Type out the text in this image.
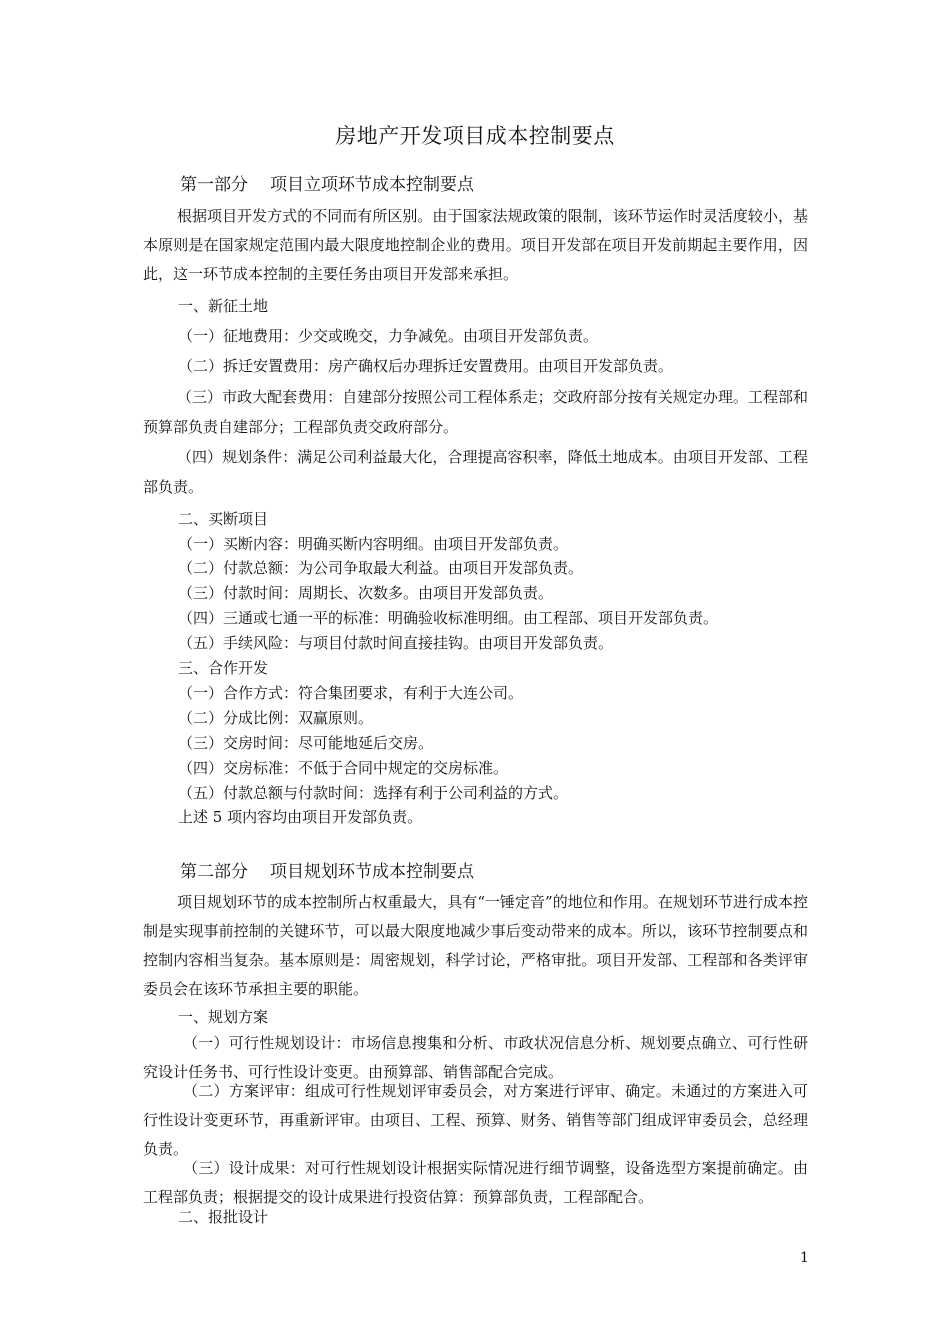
房地产开发项目成本控制要点
第一部分 项目立项环节成本控制要点
根据项目开发方式的不同而有所区别。由于国家法规政策的限制，该环节运作时灵活度较小，基本原则是在国家规定范围内最大限度地控制企业的费用。项目开发部在项目开发前期起主要作用，因此，这一环节成本控制的主要任务由项目开发部来承担。
一、新征土地
（一）征地费用：少交或晚交，力争减免。由项目开发部负责。
（二）拆迁安置费用：房产确权后办理拆迁安置费用。由项目开发部负责。
（三）市政大配套费用：自建部分按照公司工程体系走；交政府部分按有关规定办理。工程部和预算部负责自建部分；工程部负责交政府部分。
（四）规划条件：满足公司利益最大化，合理提高容积率，降低土地成本。由项目开发部、工程部负责。
二、买断项目
（一）买断内容：明确买断内容明细。由项目开发部负责。
（二）付款总额：为公司争取最大利益。由项目开发部负责。
（三）付款时间：周期长、次数多。由项目开发部负责。
（四）三通或七通一平的标准：明确验收标准明细。由工程部、项目开发部负责。
（五）手续风险：与项目付款时间直接挂钩。由项目开发部负责。
三、合作开发
（一）合作方式：符合集团要求，有利于大连公司。
（二）分成比例：双赢原则。
（三）交房时间：尽可能地延后交房。
（四）交房标准：不低于合同中规定的交房标准。
（五）付款总额与付款时间：选择有利于公司利益的方式。
上述 5 项内容均由项目开发部负责。
第二部分 项目规划环节成本控制要点
项目规划环节的成本控制所占权重最大，具有“一锤定音”的地位和作用。在规划环节进行成本控制是实现事前控制的关键环节，可以最大限度地减少事后变动带来的成本。所以，该环节控制要点和控制内容相当复杂。基本原则是：周密规划，科学讨论，严格审批。项目开发部、工程部和各类评审委员会在该环节承担主要的职能。
一、规划方案
（一）可行性规划设计：市场信息搜集和分析、市政状况信息分析、规划要点确立、可行性研究设计任务书、可行性设计变更。由预算部、销售部配合完成。
（二）方案评审：组成可行性规划评审委员会，对方案进行评审、确定。未通过的方案进入可行性设计变更环节，再重新评审。由项目、工程、预算、财务、销售等部门组成评审委员会，总经理负责。
（三）设计成果：对可行性规划设计根据实际情况进行细节调整，设备选型方案提前确定。由工程部负责；根据提交的设计成果进行投资估算：预算部负责，工程部配合。
二、报批设计
1
